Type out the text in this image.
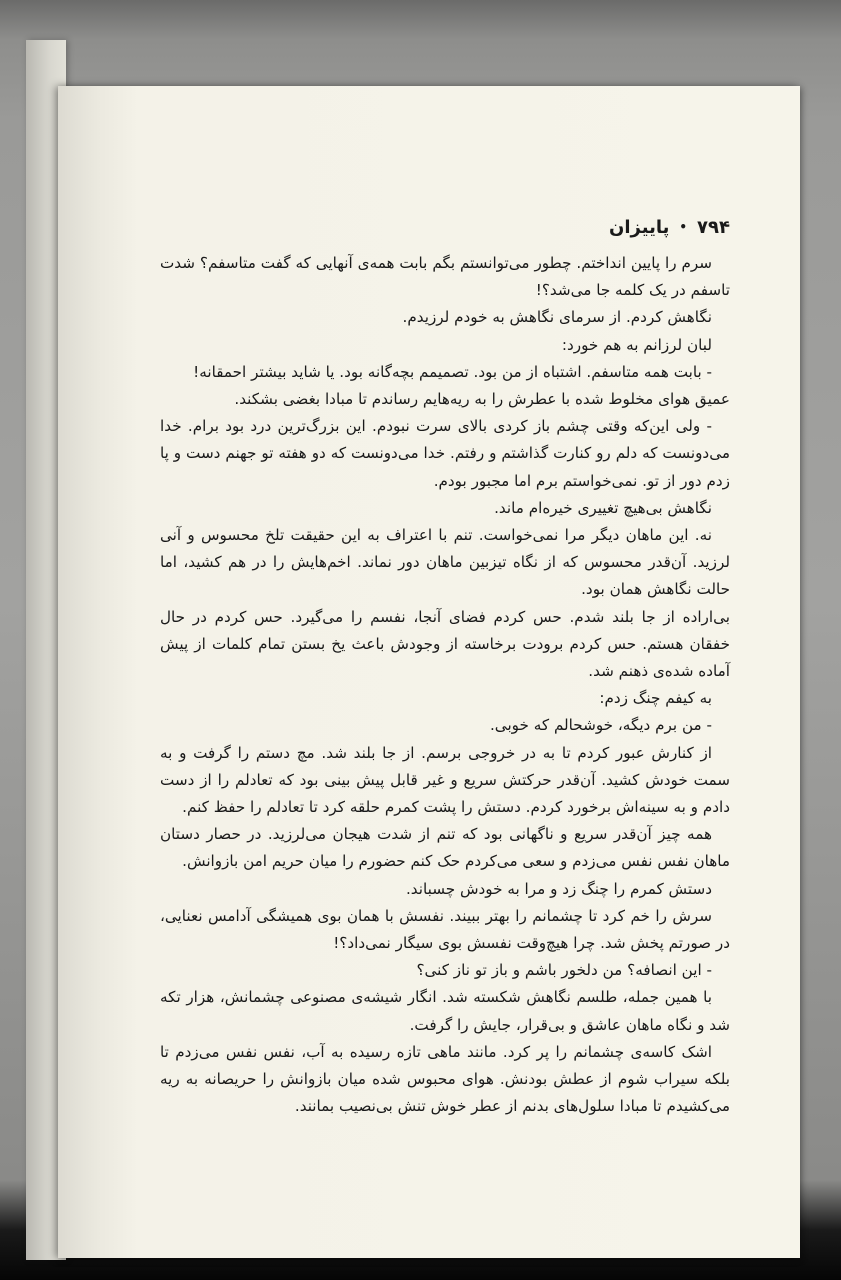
۷۹۴
•
پاییزان

سرم را پایین انداختم. چطور می‌توانستم بگم بابت همه‌ی آنهایی که گفت متاسفم؟ شدت تاسفم در یک کلمه جا می‌شد؟!

نگاهش کردم. از سرمای نگاهش به خودم لرزیدم.

لبان لرزانم به هم خورد:

- بابت همه متاسفم. اشتباه از من بود. تصمیمم بچه‌گانه بود. یا شاید بیشتر احمقانه!

عمیق هوای مخلوط شده با عطرش را به ریه‌هایم رساندم تا مبادا بغضی بشکند.

- ولی این‌که وقتی چشم باز کردی بالای سرت نبودم. این بزرگ‌ترین درد بود برام. خدا می‌دونست که دلم رو کنارت گذاشتم و رفتم. خدا می‌دونست که دو هفته تو جهنم دست و پا زدم دور از تو. نمی‌خواستم برم اما مجبور بودم.

نگاهش بی‌هیچ تغییری خیره‌ام ماند.

نه. این ماهان دیگر مرا نمی‌خواست. تنم با اعتراف به این حقیقت تلخ محسوس و آنی لرزید. آن‌قدر محسوس که از نگاه تیزبین ماهان دور نماند. اخم‌هایش را در هم کشید، اما حالت نگاهش همان بود.

بی‌اراده از جا بلند شدم. حس کردم فضای آنجا، نفسم را می‌گیرد. حس کردم در حال خفقان هستم. حس کردم برودت برخاسته از وجودش باعث یخ بستن تمام کلمات از پیش آماده شده‌ی ذهنم شد.

به کیفم چنگ زدم:

- من برم دیگه، خوشحالم که خوبی.

از کنارش عبور کردم تا به در خروجی برسم. از جا بلند شد. مچ دستم را گرفت و به سمت خودش کشید. آن‌قدر حرکتش سریع و غیر قابل پیش بینی بود که تعادلم را از دست دادم و به سینه‌اش برخورد کردم. دستش را پشت کمرم حلقه کرد تا تعادلم را حفظ کنم.

همه چیز آن‌قدر سریع و ناگهانی بود که تنم از شدت هیجان می‌لرزید. در حصار دستان ماهان نفس نفس می‌زدم و سعی می‌کردم حک کنم حضورم را میان حریم امن بازوانش.

دستش کمرم را چنگ زد و مرا به خودش چسباند.

سرش را خم کرد تا چشمانم را بهتر ببیند. نفسش با همان بوی همیشگی آدامس نعنایی، در صورتم پخش شد. چرا هیچ‌وقت نفسش بوی سیگار نمی‌داد؟!

- این انصافه؟ من دلخور باشم و باز تو ناز کنی؟

با همین جمله، طلسم نگاهش شکسته شد. انگار شیشه‌ی مصنوعی چشمانش، هزار تکه شد و نگاه ماهان عاشق و بی‌قرار، جایش را گرفت.

اشک کاسه‌ی چشمانم را پر کرد. مانند ماهی تازه رسیده به آب، نفس نفس می‌زدم تا بلکه سیراب شوم از عطش بودنش. هوای محبوس شده میان بازوانش را حریصانه به ریه می‌کشیدم تا مبادا سلول‌های بدنم از عطر خوش تنش بی‌نصیب بمانند.
